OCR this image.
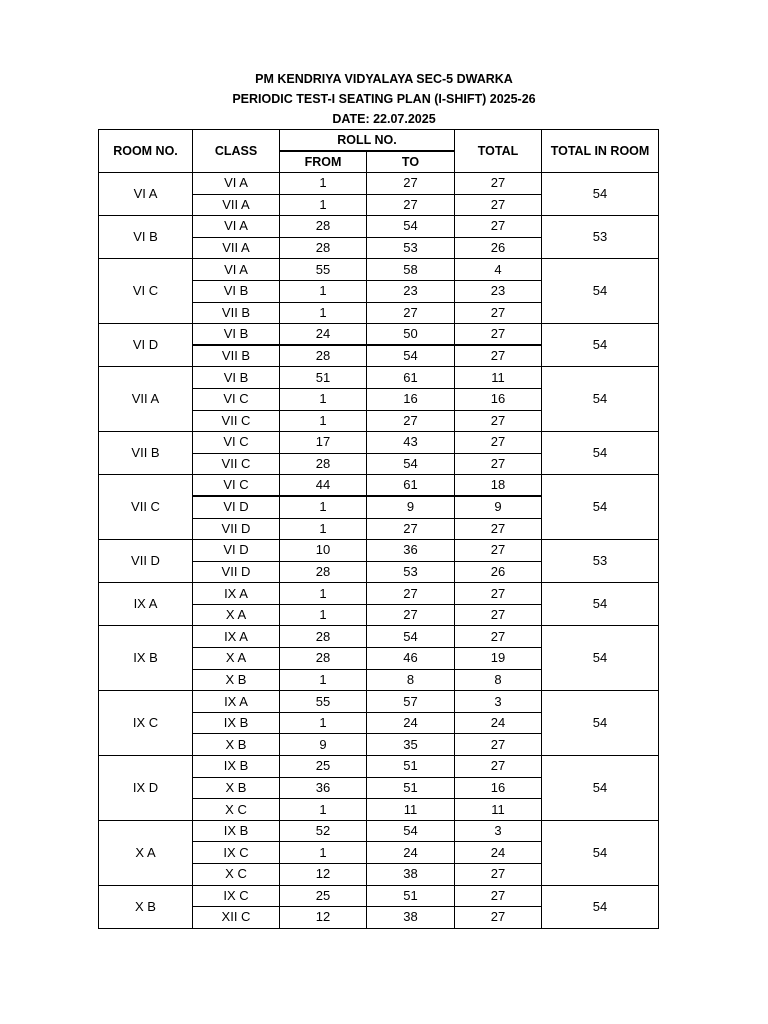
PM KENDRIYA VIDYALAYA SEC-5 DWARKA
PERIODIC TEST-I SEATING PLAN (I-SHIFT) 2025-26
DATE: 22.07.2025
ROOM NO.	CLASS	ROLL NO.		TOTAL	TOTAL IN ROOM
		FROM	TO		
VI A	VI A	1	27	27	54
	VII A	1	27	27	
VI B	VI A	28	54	27	53
	VII A	28	53	26	
VI C	VI A	55	58	4	54
	VI B	1	23	23	
	VII B	1	27	27	
VI D	VI B	24	50	27	54
	VII B	28	54	27	
VII A	VI B	51	61	11	54
	VI C	1	16	16	
	VII C	1	27	27	
VII B	VI C	17	43	27	54
	VII C	28	54	27	
VII C	VI C	44	61	18	54
	VI D	1	9	9	
	VII D	1	27	27	
VII D	VI D	10	36	27	53
	VII D	28	53	26	
IX A	IX A	1	27	27	54
	X A	1	27	27	
IX B	IX A	28	54	27	54
	X A	28	46	19	
	X B	1	8	8	
IX C	IX A	55	57	3	54
	IX B	1	24	24	
	X B	9	35	27	
IX D	IX B	25	51	27	54
	X B	36	51	16	
	X C	1	11	11	
X A	IX B	52	54	3	54
	IX C	1	24	24	
	X C	12	38	27	
X B	IX C	25	51	27	54
	XII C	12	38	27	
